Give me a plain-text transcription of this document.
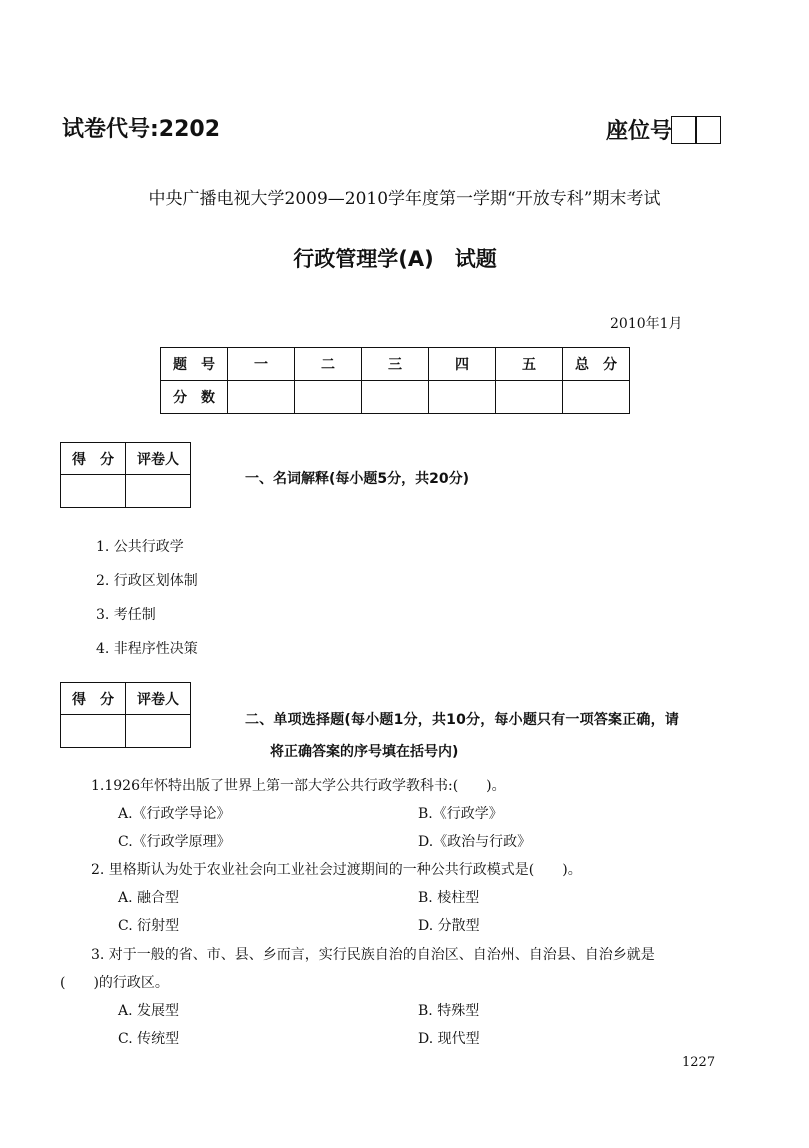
试卷代号:2202	座位号
中央广播电视大学2009—2010学年度第一学期“开放专科”期末考试
行政管理学(A)　试题
2010年1月
题　号	一	二	三	四	五	总　分
分　数						
得　分	评卷人

一、名词解释(每小题5分，共20分)
1. 公共行政学
2. 行政区划体制
3. 考任制
4. 非程序性决策
得　分	评卷人

二、单项选择题(每小题1分，共10分，每小题只有一项答案正确，请
将正确答案的序号填在括号内)
1.1926年怀特出版了世界上第一部大学公共行政学教科书:(　　)。
A.《行政学导论》	B.《行政学》
C.《行政学原理》	D.《政治与行政》
2. 里格斯认为处于农业社会向工业社会过渡期间的一种公共行政模式是(　　)。
A. 融合型	B. 棱柱型
C. 衍射型	D. 分散型
3. 对于一般的省、市、县、乡而言，实行民族自治的自治区、自治州、自治县、自治乡就是
(　　)的行政区。
A. 发展型	B. 特殊型
C. 传统型	D. 现代型
1227
